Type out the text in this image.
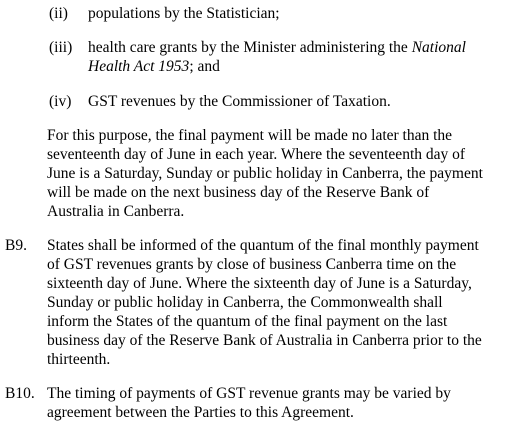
(ii) populations by the Statistician;
(iii) health care grants by the Minister administering the National
Health Act 1953; and
(iv) GST revenues by the Commissioner of Taxation.
For this purpose, the final payment will be made no later than the
seventeenth day of June in each year. Where the seventeenth day of
June is a Saturday, Sunday or public holiday in Canberra, the payment
will be made on the next business day of the Reserve Bank of
Australia in Canberra.
B9. States shall be informed of the quantum of the final monthly payment
of GST revenues grants by close of business Canberra time on the
sixteenth day of June. Where the sixteenth day of June is a Saturday,
Sunday or public holiday in Canberra, the Commonwealth shall
inform the States of the quantum of the final payment on the last
business day of the Reserve Bank of Australia in Canberra prior to the
thirteenth.
B10. The timing of payments of GST revenue grants may be varied by
agreement between the Parties to this Agreement.
